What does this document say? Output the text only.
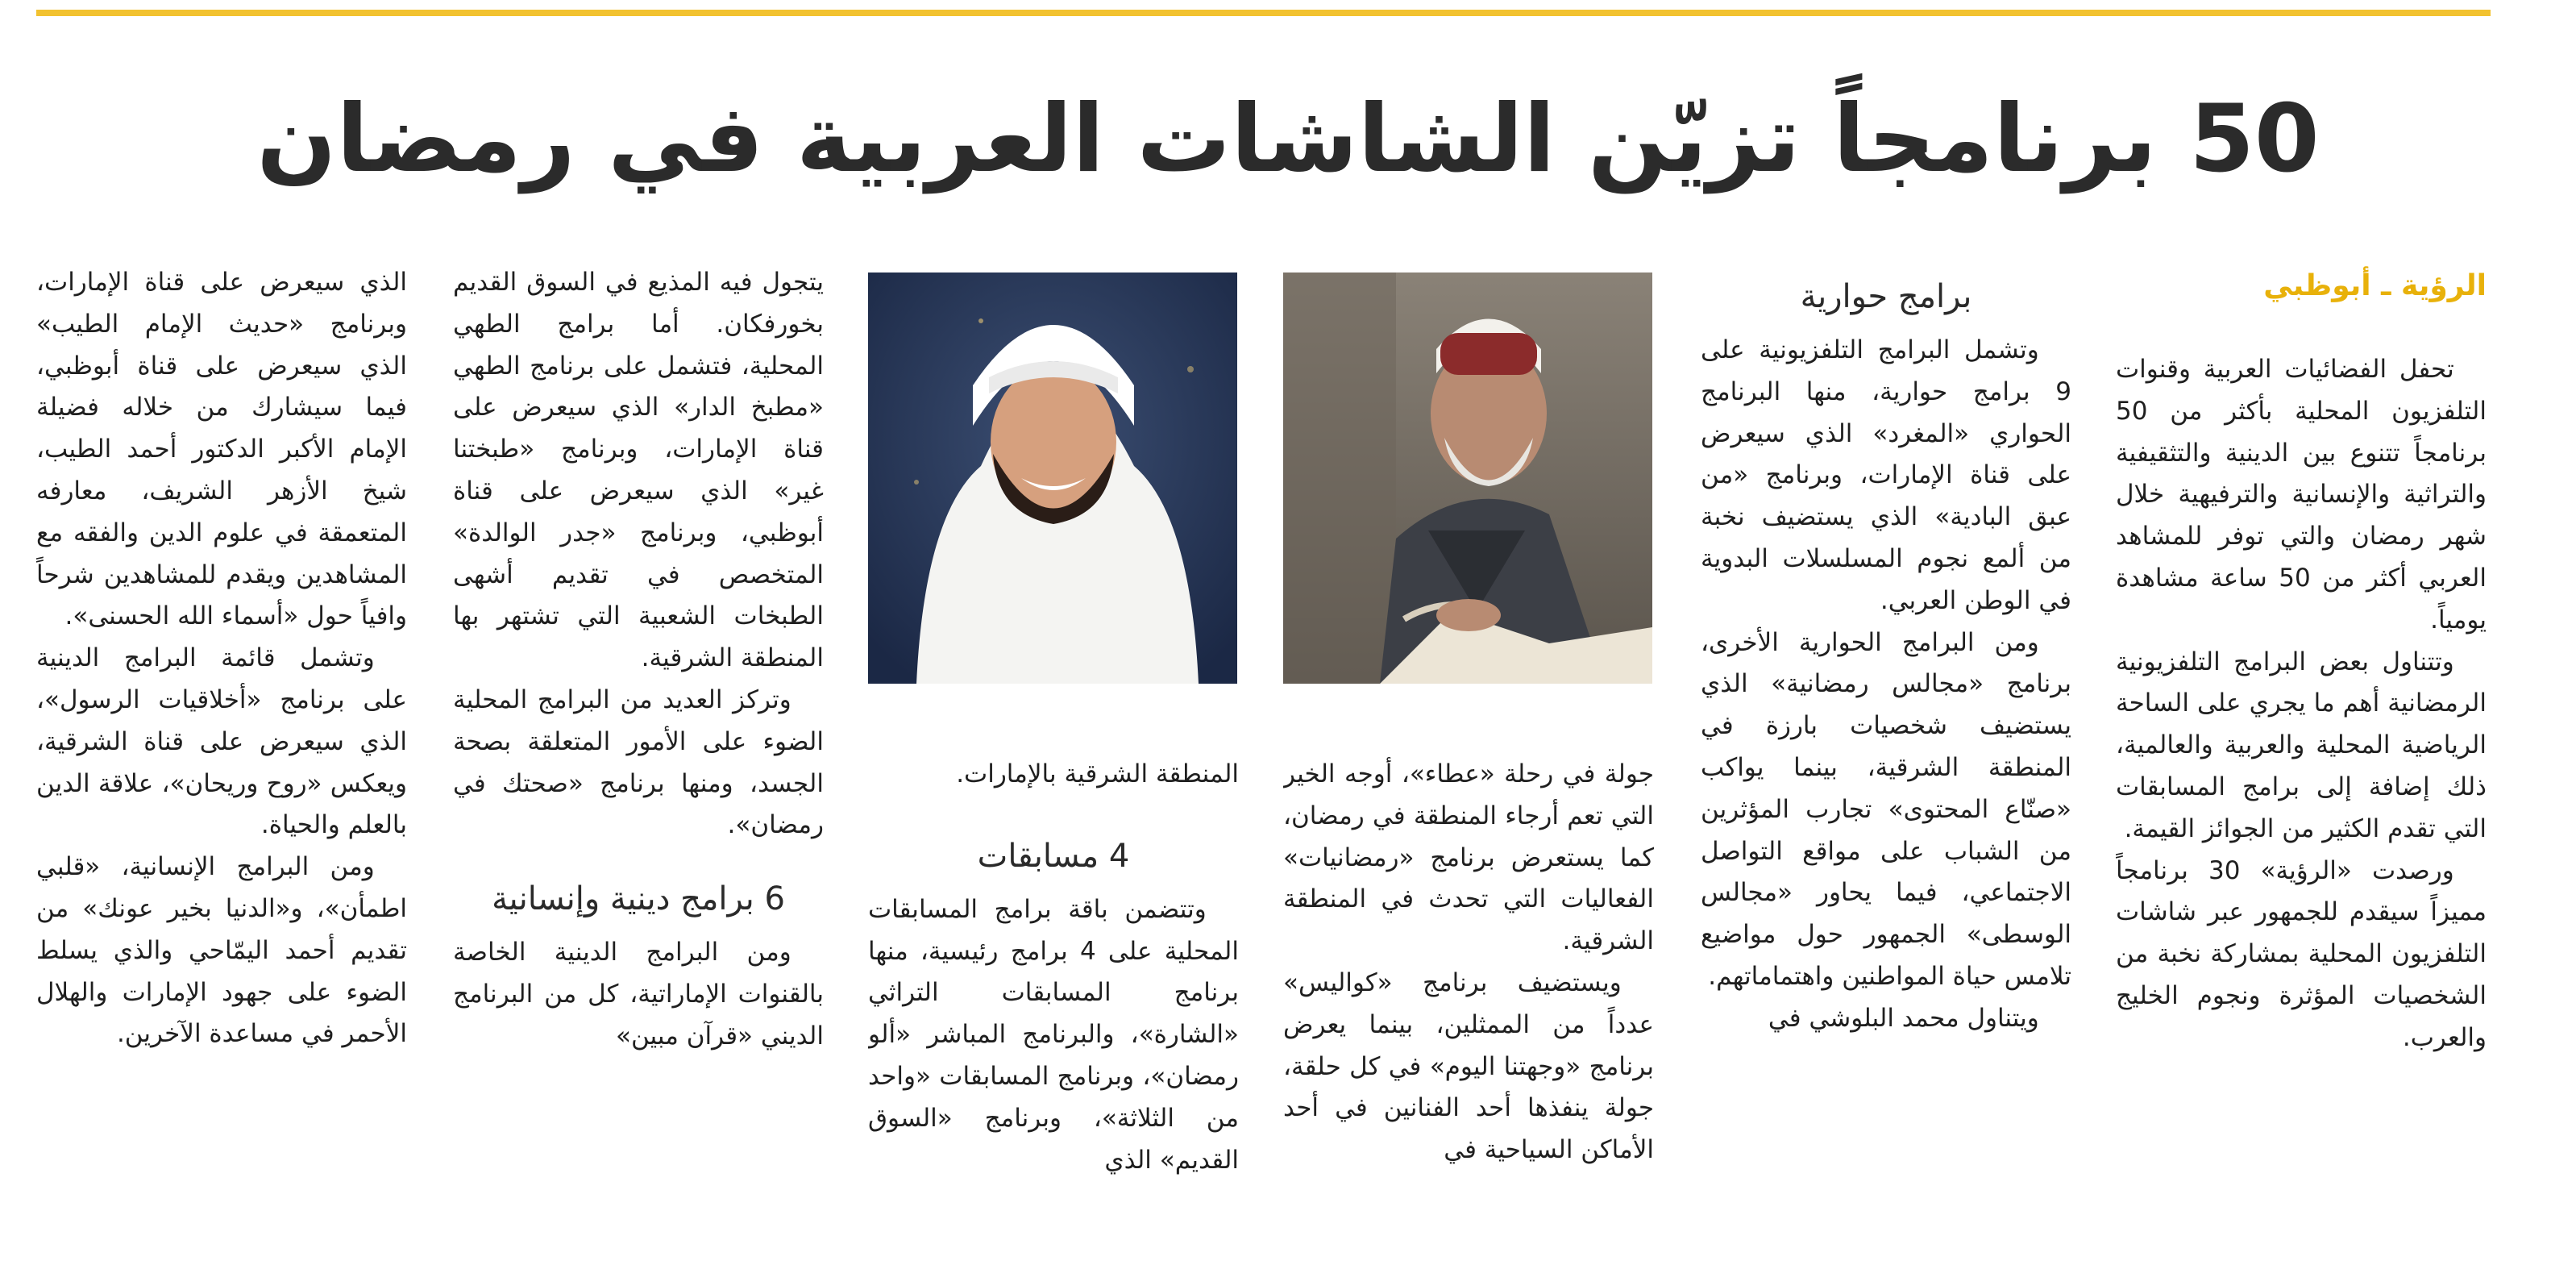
50 برنامجاً تزيّن الشاشات العربية في رمضان
الرؤية ـ أبوظبي

تحفل الفضائيات العربية وقنوات التلفزيون المحلية بأكثر من 50 برنامجاً تتنوع بين الدينية والتثقيفية والتراثية والإنسانية والترفيهية خلال شهر رمضان والتي توفر للمشاهد العربي أكثر من 50 ساعة مشاهدة يومياً.

وتتناول بعض البرامج التلفزيونية الرمضانية أهم ما يجري على الساحة الرياضية المحلية والعربية والعالمية، ذلك إضافة إلى برامج المسابقات التي تقدم الكثير من الجوائز القيمة.

ورصدت «الرؤية» 30 برنامجاً مميزاً سيقدم للجمهور عبر شاشات التلفزيون المحلية بمشاركة نخبة من الشخصيات المؤثرة ونجوم الخليج والعرب.

برامج حوارية

وتشمل البرامج التلفزيونية على 9 برامج حوارية، منها البرنامج الحواري «المغرد» الذي سيعرض على قناة الإمارات، وبرنامج «من عبق البادية» الذي يستضيف نخبة من ألمع نجوم المسلسلات البدوية في الوطن العربي.

ومن البرامج الحوارية الأخرى، برنامج «مجالس رمضانية» الذي يستضيف شخصيات بارزة في المنطقة الشرقية، بينما يواكب «صنّاع المحتوى» تجارب المؤثرين من الشباب على مواقع التواصل الاجتماعي، فيما يحاور «مجالس الوسطى» الجمهور حول مواضيع تلامس حياة المواطنين واهتماماتهم.

ويتناول محمد البلوشي في

جولة في رحلة «عطاء»، أوجه الخير التي تعم أرجاء المنطقة في رمضان، كما يستعرض برنامج «رمضانيات» الفعاليات التي تحدث في المنطقة الشرقية.

ويستضيف برنامج «كواليس» عدداً من الممثلين، بينما يعرض برنامج «وجهتنا اليوم» في كل حلقة، جولة ينفذها أحد الفنانين في أحد الأماكن السياحية في

المنطقة الشرقية بالإمارات.

4 مسابقات

وتتضمن باقة برامج المسابقات المحلية على 4 برامج رئيسية، منها برنامج المسابقات التراثي «الشارة»، والبرنامج المباشر «ألو رمضان»، وبرنامج المسابقات «واحد من الثلاثة»، وبرنامج «السوق القديم» الذي

يتجول فيه المذيع في السوق القديم بخورفكان. أما برامج الطهي المحلية، فتشمل على برنامج الطهي «مطبخ الدار» الذي سيعرض على قناة الإمارات، وبرنامج «طبختنا غير» الذي سيعرض على قناة أبوظبي، وبرنامج «جدر الوالدة» المتخصص في تقديم أشهى الطبخات الشعبية التي تشتهر بها المنطقة الشرقية.

وتركز العديد من البرامج المحلية الضوء على الأمور المتعلقة بصحة الجسد، ومنها برنامج «صحتك في رمضان».

6 برامج دينية وإنسانية

ومن البرامج الدينية الخاصة بالقنوات الإماراتية، كل من البرنامج الديني «قرآن مبين»

الذي سيعرض على قناة الإمارات، وبرنامج «حديث الإمام الطيب» الذي سيعرض على قناة أبوظبي، فيما سيشارك من خلاله فضيلة الإمام الأكبر الدكتور أحمد الطيب، شيخ الأزهر الشريف، معارفه المتعمقة في علوم الدين والفقه مع المشاهدين ويقدم للمشاهدين شرحاً وافياً حول «أسماء الله الحسنى».

وتشمل قائمة البرامج الدينية على برنامج «أخلاقيات الرسول»، الذي سيعرض على قناة الشرقية، ويعكس «روح وريحان»، علاقة الدين بالعلم والحياة.

ومن البرامج الإنسانية، «قلبي اطمأن»، و«الدنيا بخير عونك» من تقديم أحمد اليمّاحي والذي يسلط الضوء على جهود الإمارات والهلال الأحمر في مساعدة الآخرين.
